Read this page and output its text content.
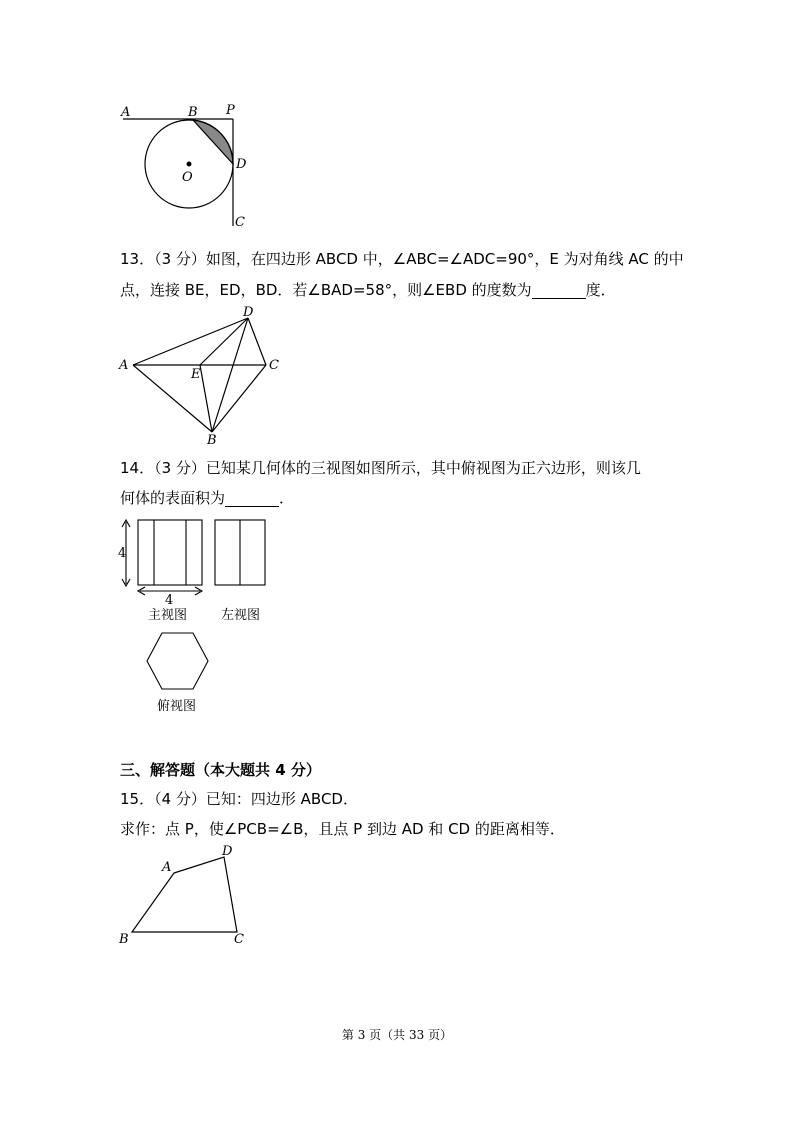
A	B P
O
D
C
13．（3 分）如图，在四边形 ABCD 中，∠ABC=∠ADC=90°，E 为对角线 AC 的中
点，连接 BE，ED，BD．若∠BAD=58°，则∠EBD 的度数为	度．
A
D
C
E
B
14．（3 分）已知某几何体的三视图如图所示，其中俯视图为正六边形，则该几
何体的表面积为	．
4
4
主视图	左视图
俯视图
三、解答题（本大题共 4 分）
15．（4 分）已知：四边形 ABCD．
求作：点 P，使∠PCB=∠B，且点 P 到边 AD 和 CD 的距离相等．
A
D
B	C
第 3 页（共 33 页）
